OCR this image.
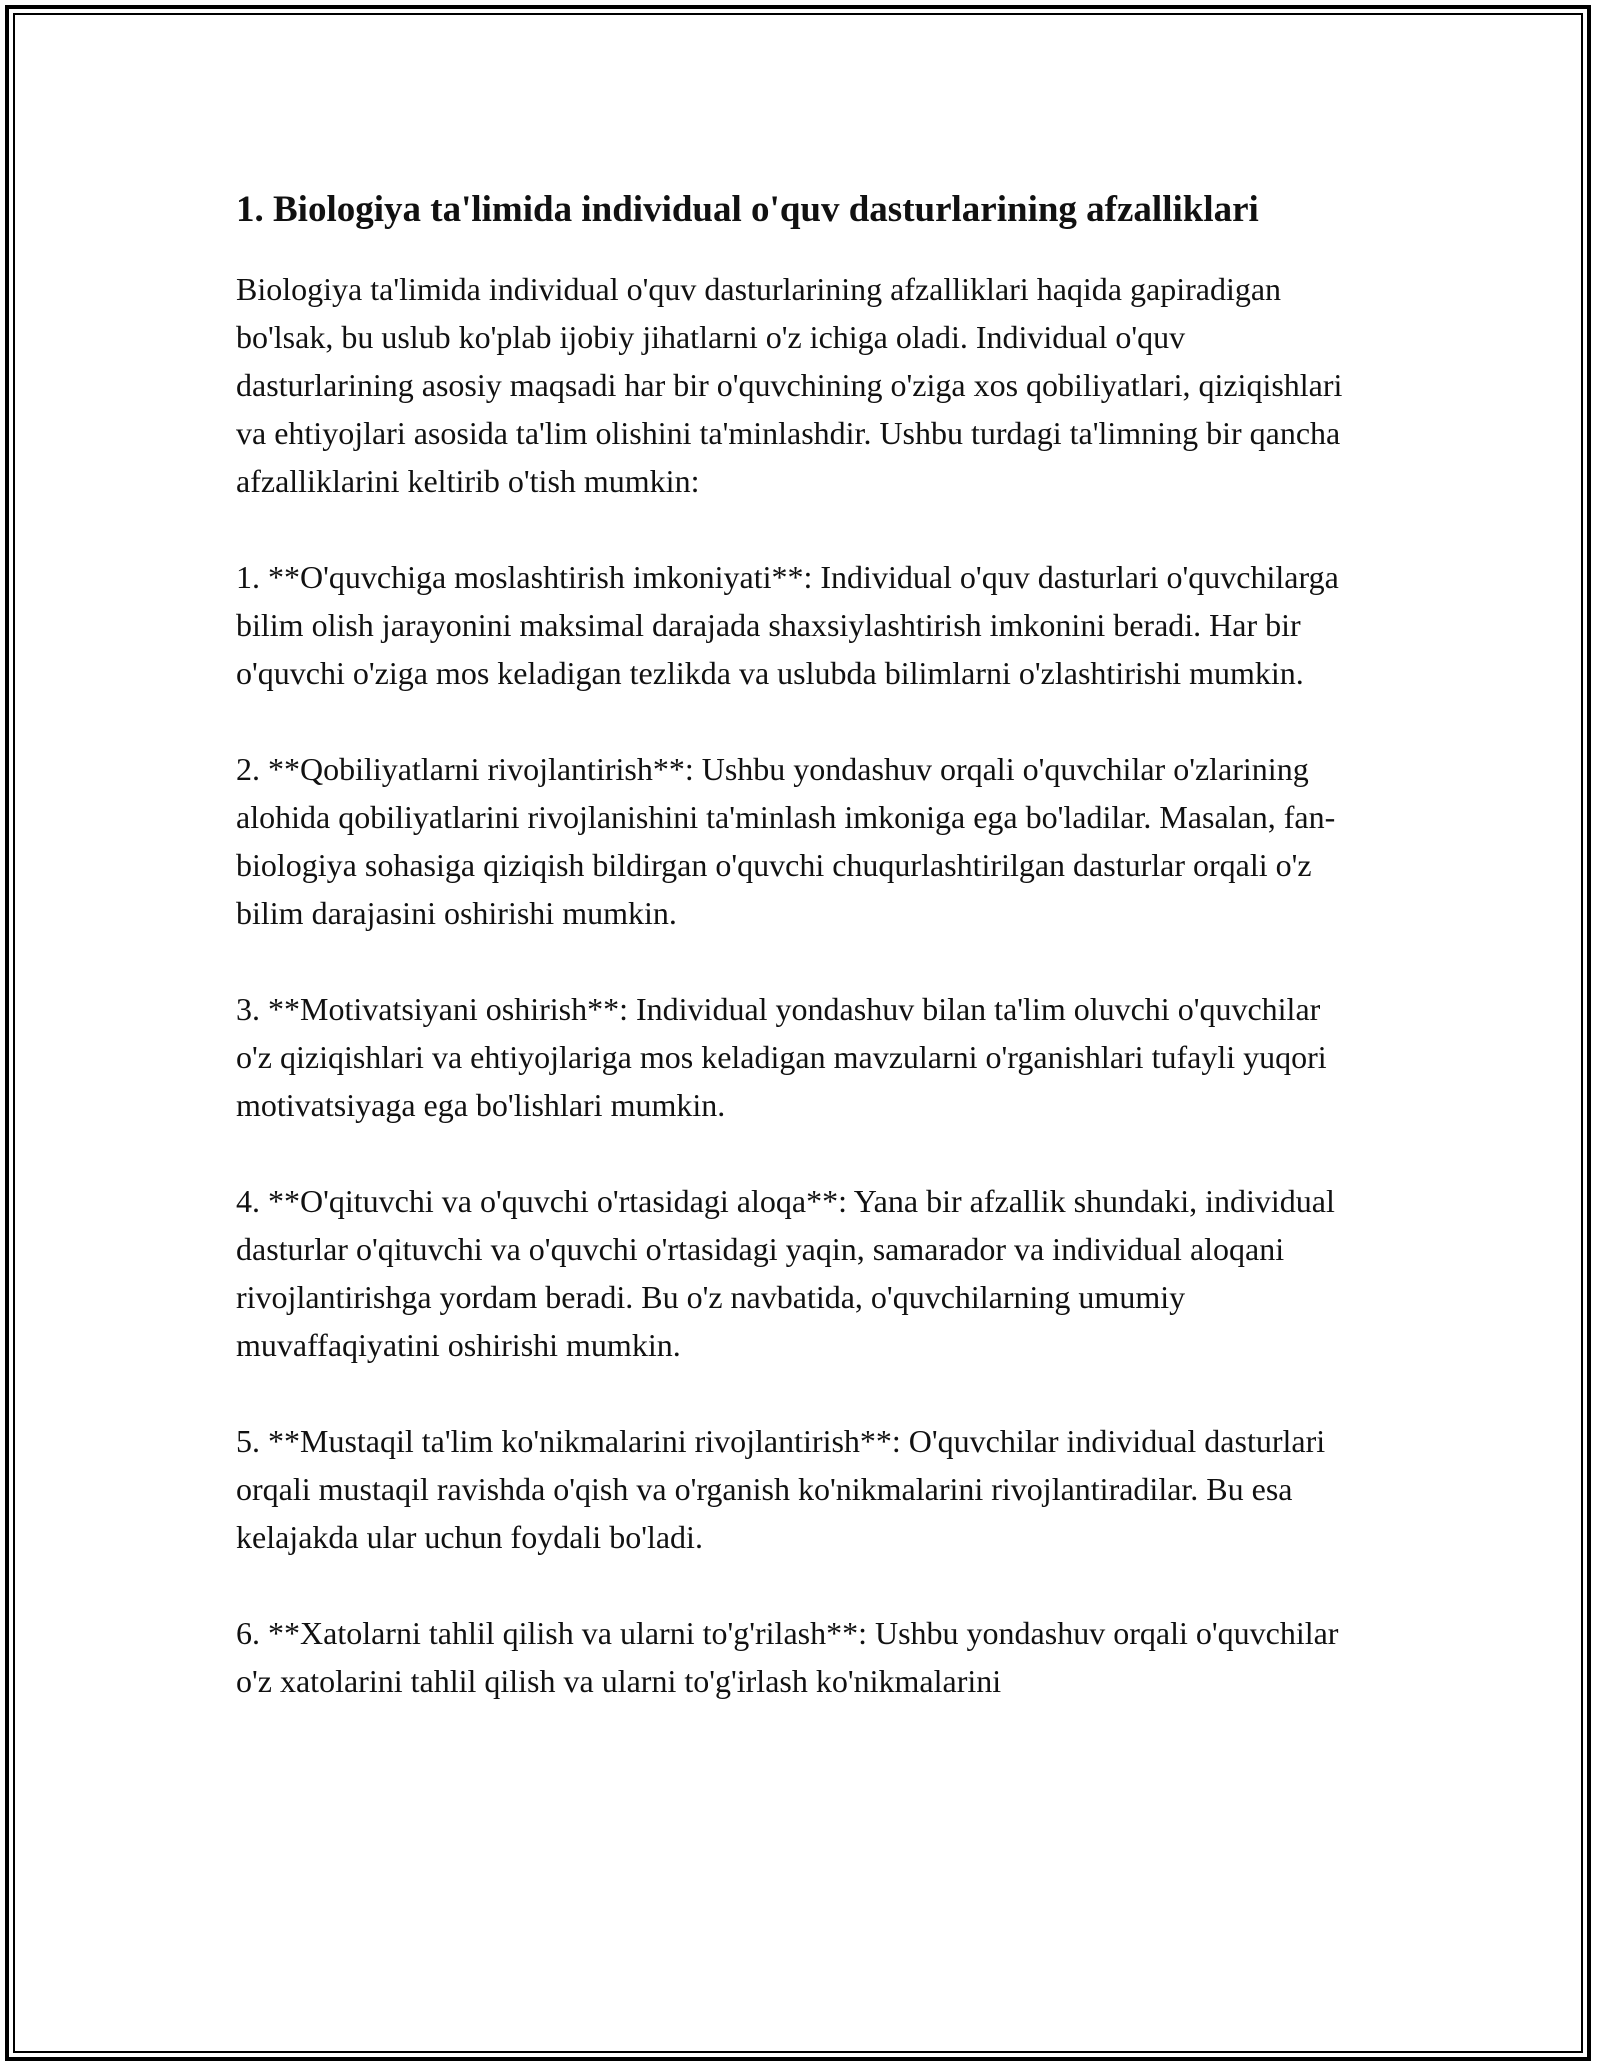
1. Biologiya ta'limida individual o'quv dasturlarining afzalliklari

Biologiya ta'limida individual o'quv dasturlarining afzalliklari haqida gapiradigan bo'lsak, bu uslub ko'plab ijobiy jihatlarni o'z ichiga oladi. Individual o'quv dasturlarining asosiy maqsadi har bir o'quvchining o'ziga xos qobiliyatlari, qiziqishlari va ehtiyojlari asosida ta'lim olishini ta'minlashdir. Ushbu turdagi ta'limning bir qancha afzalliklarini keltirib o'tish mumkin:

1. **O'quvchiga moslashtirish imkoniyati**: Individual o'quv dasturlari o'quvchilarga bilim olish jarayonini maksimal darajada shaxsiylashtirish imkonini beradi. Har bir o'quvchi o'ziga mos keladigan tezlikda va uslubda bilimlarni o'zlashtirishi mumkin.

2. **Qobiliyatlarni rivojlantirish**: Ushbu yondashuv orqali o'quvchilar o'zlarining alohida qobiliyatlarini rivojlanishini ta'minlash imkoniga ega bo'ladilar. Masalan, fan-biologiya sohasiga qiziqish bildirgan o'quvchi chuqurlashtirilgan dasturlar orqali o'z bilim darajasini oshirishi mumkin.

3. **Motivatsiyani oshirish**: Individual yondashuv bilan ta'lim oluvchi o'quvchilar o'z qiziqishlari va ehtiyojlariga mos keladigan mavzularni o'rganishlari tufayli yuqori motivatsiyaga ega bo'lishlari mumkin.

4. **O'qituvchi va o'quvchi o'rtasidagi aloqa**: Yana bir afzallik shundaki, individual dasturlar o'qituvchi va o'quvchi o'rtasidagi yaqin, samarador va individual aloqani rivojlantirishga yordam beradi. Bu o'z navbatida, o'quvchilarning umumiy muvaffaqiyatini oshirishi mumkin.

5. **Mustaqil ta'lim ko'nikmalarini rivojlantirish**: O'quvchilar individual dasturlari orqali mustaqil ravishda o'qish va o'rganish ko'nikmalarini rivojlantiradilar. Bu esa kelajakda ular uchun foydali bo'ladi.

6. **Xatolarni tahlil qilish va ularni to'g'rilash**: Ushbu yondashuv orqali o'quvchilar o'z xatolarini tahlil qilish va ularni to'g'irlash ko'nikmalarini
